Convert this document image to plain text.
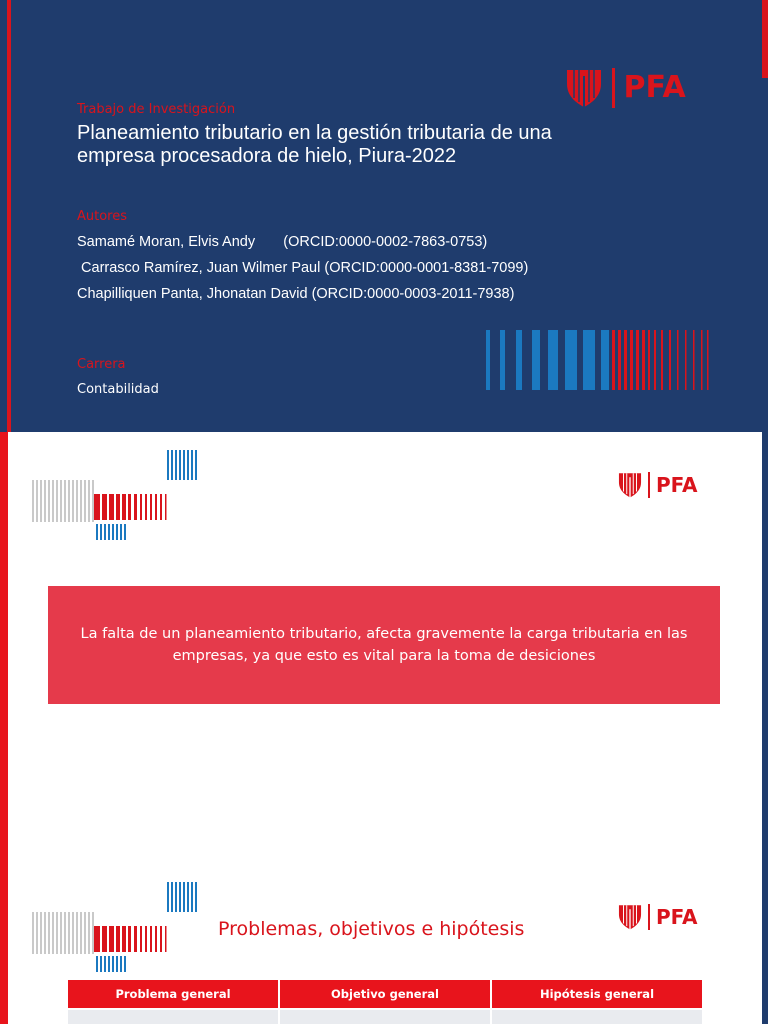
PFA
Trabajo de Investigación
Planeamiento tributario en la gestión tributaria de una empresa procesadora de hielo, Piura-2022
Autores
Samamé Moran, Elvis Andy       (ORCID:0000-0002-7863-0753)
Carrasco Ramírez, Juan Wilmer Paul (ORCID:0000-0001-8381-7099)
Chapilliquen Panta, Jhonatan David (ORCID:0000-0003-2011-7938)
Carrera
Contabilidad
PFA
La falta de un planeamiento tributario, afecta gravemente la carga tributaria en las empresas, ya que esto es vital para la toma de desiciones
PFA
Problemas, objetivos e hipótesis
Problema general	Objetivo general	Hipótesis general
